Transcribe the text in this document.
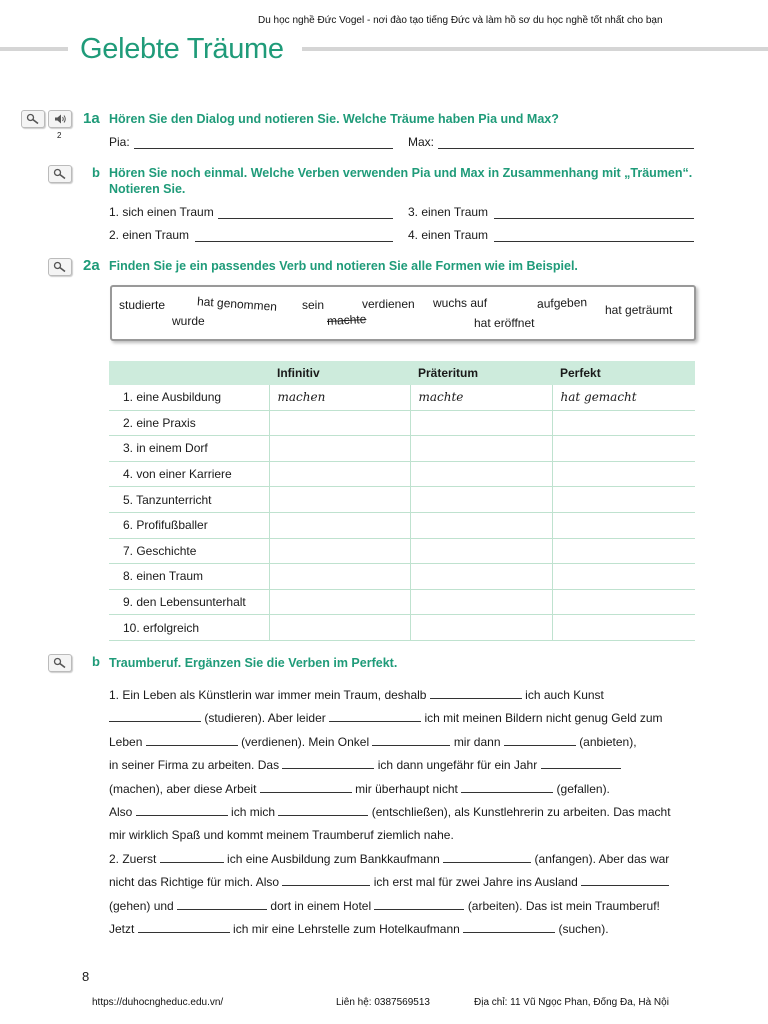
Du học nghề Đức Vogel - nơi đào tạo tiếng Đức và làm hồ sơ du học nghề tốt nhất cho bạn
Gelebte Träume
2
1a Hören Sie den Dialog und notieren Sie. Welche Träume haben Pia und Max?
Pia:	Max:
b Hören Sie noch einmal. Welche Verben verwenden Pia und Max in Zusammenhang mit „Träumen“.
Notieren Sie.
1. sich einen Traum	3. einen Traum
2. einen Traum	4. einen Traum
2a Finden Sie je ein passendes Verb und notieren Sie alle Formen wie im Beispiel.
studierte	hat genommen sein	verdienen wuchs auf	aufgeben hat geträumt
wurde	machte	hat eröffnet
	Infinitiv	Präteritum	Perfekt
1. eine Ausbildung	machen	machte	hat gemacht
2. eine Praxis			
3. in einem Dorf			
4. von einer Karriere			
5. Tanzunterricht			
6. Profifußballer			
7. Geschichte			
8. einen Traum			
9. den Lebensunterhalt			
10. erfolgreich			
b Traumberuf. Ergänzen Sie die Verben im Perfekt.

1. Ein Leben als Künstlerin war immer mein Traum, deshalb	ich auch Kunst

(studieren). Aber leider	ich mit meinen Bildern nicht genug Geld zum

Leben	(verdienen). Mein Onkel	mir dann	(anbieten),

in seiner Firma zu arbeiten. Das	ich dann ungefähr für ein Jahr

(machen), aber diese Arbeit	mir überhaupt nicht	(gefallen).

Also	ich mich	(entschließen), als Kunstlehrerin zu arbeiten. Das macht

mir wirklich Spaß und kommt meinem Traumberuf ziemlich nahe.

2. Zuerst	ich eine Ausbildung zum Bankkaufmann	(anfangen). Aber das war

nicht das Richtige für mich. Also	ich erst mal für zwei Jahre ins Ausland

(gehen) und	dort in einem Hotel	(arbeiten). Das ist mein Traumberuf!

Jetzt	ich mir eine Lehrstelle zum Hotelkaufmann	(suchen).

8
https://duhocngheduc.edu.vn/	Liên hệ: 0387569513	Địa chỉ: 11 Vũ Ngọc Phan, Đống Đa, Hà Nội
